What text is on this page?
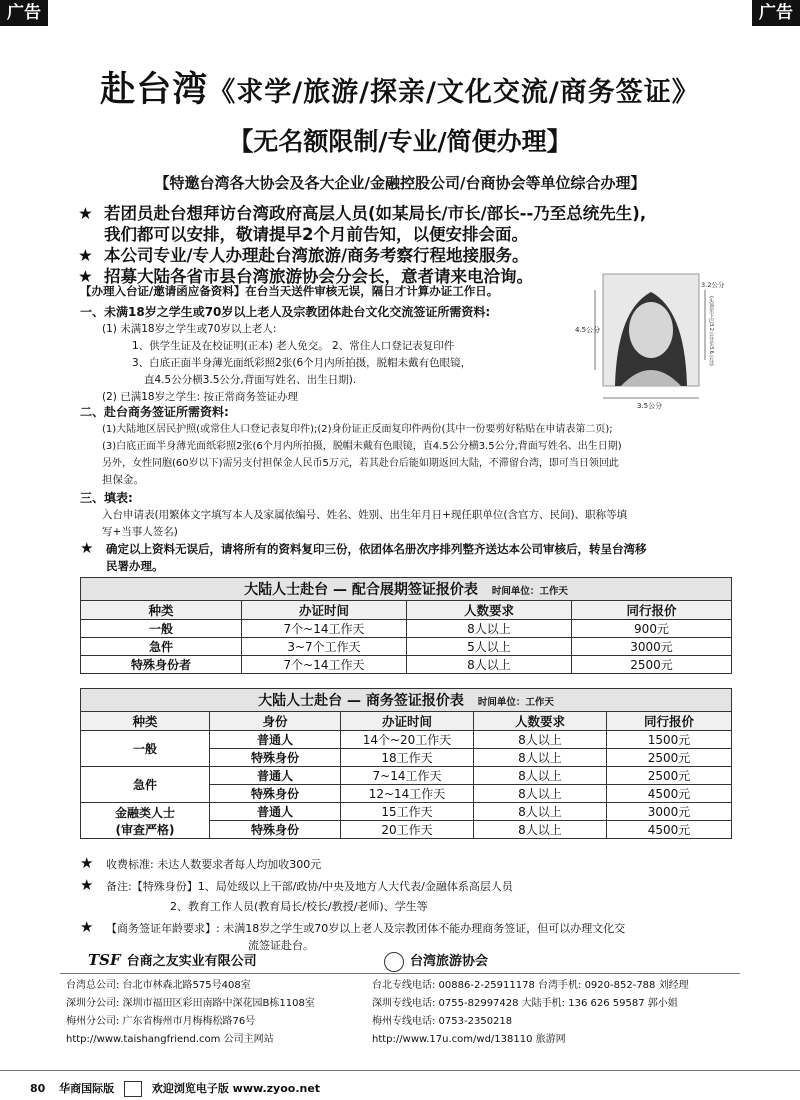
广告	广告
赴台湾《求学/旅游/探亲/文化交流/商务签证》
【无名额限制/专业/简便办理】
【特邀台湾各大协会及各大企业/金融控股公司/台商协会等单位综合办理】
★ 若团员赴台想拜访台湾政府高层人员(如某局长/市长/部长--乃至总统先生),
我们都可以安排，敬请提早2个月前告知，以便安排会面。
★ 本公司专业/专人办理赴台湾旅游/商务考察行程地接服务。
★ 招募大陆各省市县台湾旅游协会分会长，意者请来电洽询。
【办理入台证/邀请函应备资料】在台当天送件审核无误，隔日才计算办证工作日。
4.5公分
3.5公分
3.2公分
(头顶至下巴3.2公分至3.6公分)
一、未满18岁之学生或70岁以上老人及宗教团体赴台文化交流签证所需资料:
(1) 未满18岁之学生或70岁以上老人:
1、供学生证及在校证明(正本) 老人免交。 2、常住人口登记表复印件
3、白底正面半身薄光面纸彩照2张(6个月内所拍摄，脱帽未戴有色眼镜，
直4.5公分横3.5公分,背面写姓名、出生日期).
(2) 已满18岁之学生: 按正常商务签证办理
二、赴台商务签证所需资料:
(1)大陆地区居民护照(或常住人口登记表复印件);(2)身份证正反面复印件两份(其中一份要剪好粘贴在申请表第二页);
(3)白底正面半身薄光面纸彩照2张(6个月内所拍摄，脱帽未戴有色眼镜，直4.5公分横3.5公分,背面写姓名、出生日期)
另外，女性同胞(60岁以下)需另支付担保金人民币5万元，若其赴台后能如期返回大陆，不滞留台湾，即可当日领回此
担保金。
三、填表:
入台申请表(用繁体文字填写本人及家属依编号、姓名、姓别、出生年月日+现任职单位(含官方、民间)、职称等填
写+当事人签名)
★ 确定以上资料无误后，请将所有的资料复印三份，依团体名册次序排列整齐送达本公司审核后，转呈台湾移
民署办理。
大陆人士赴台 — 配合展期签证报价表 时间单位：工作天			
种类	办证时间	人数要求	同行报价
一般	7个~14工作天	8人以上	900元
急件	3~7个工作天	5人以上	3000元
特殊身份者	7个~14工作天	8人以上	2500元
大陆人士赴台 — 商务签证报价表 时间单位：工作天				
种类	身份	办证时间	人数要求	同行报价
一般	普通人	14个~20工作天	8人以上	1500元
	特殊身份	18工作天	8人以上	2500元
急件	普通人	7~14工作天	8人以上	2500元
	特殊身份	12~14工作天	8人以上	4500元

金融类人士
(审查严格)	普通人	15工作天	8人以上	3000元
	特殊身份	20工作天	8人以上	4500元
★ 收费标准: 未达人数要求者每人均加收300元
★ 备注:【特殊身份】1、局处级以上干部/政协/中央及地方人大代表/金融体系高层人员
2、教育工作人员(教育局长/校长/教授/老师)、学生等
★ 【商务签证年龄要求】: 未满18岁之学生或70岁以上老人及宗教团体不能办理商务签证，但可以办理文化交
流签证赴台。
TSF 台商之友实业有限公司	台湾旅游协会
台湾总公司: 台北市林森北路575号408室
深圳分公司: 深圳市福田区彩田南路中深花园B栋1108室
梅州分公司: 广东省梅州市月梅梅松路76号
http://www.taishangfriend.com 公司主网站
台北专线电话: 00886-2-25911178 台湾手机: 0920-852-788 刘经理
深圳专线电话: 0755-82997428 大陆手机: 136 626 59587 郭小姐
梅州专线电话: 0753-2350218
http://www.17u.com/wd/138110 旅游网
80 华商国际版	欢迎浏览电子版 www.zyoo.net
